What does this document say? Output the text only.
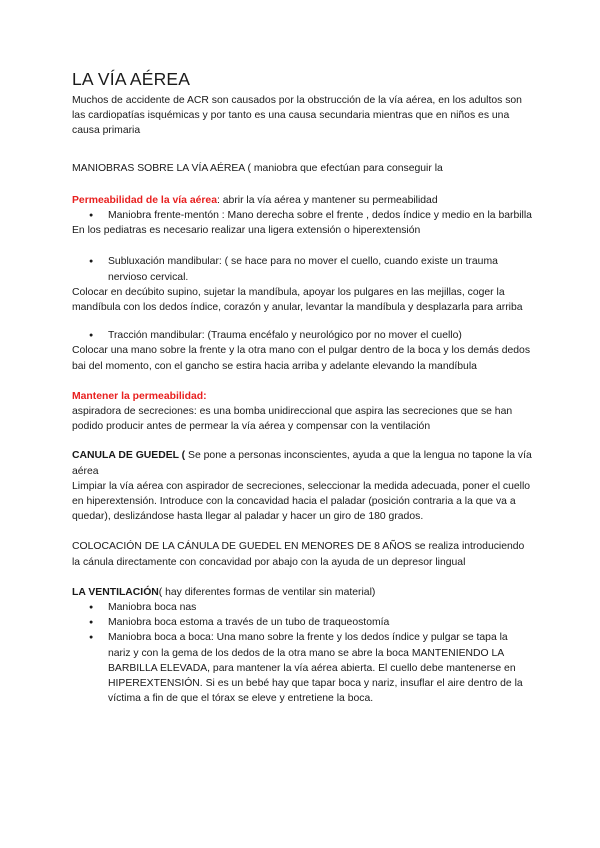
LA VÍA AÉREA

Muchos de accidente de ACR son causados por la obstrucción de la vía aérea, en los adultos son las cardiopatías isquémicas y por tanto es una causa secundaria mientras que en niños es una causa primaria

MANIOBRAS SOBRE LA VÍA AÉREA ( maniobra que efectúan para conseguir la

Permeabilidad de la vía aérea: abrir la vía aérea y mantener su permeabilidad

● Maniobra frente-mentón : Mano derecha sobre el frente , dedos índice y medio en la barbilla

En los pediatras es necesario realizar una ligera extensión o hiperextensión

● Subluxación mandibular: ( se hace para no mover el cuello, cuando existe un trauma nervioso cervical.

Colocar en decúbito supino, sujetar la mandíbula, apoyar los pulgares en las mejillas, coger la mandíbula con los dedos índice, corazón y anular, levantar la mandíbula y desplazarla para arriba

● Tracción mandibular: (Trauma encéfalo y neurológico por no mover el cuello)

Colocar una mano sobre la frente y la otra mano con el pulgar dentro de la boca y los demás dedos bai del momento, con el gancho se estira hacia arriba y adelante elevando la mandíbula

Mantener la permeabilidad:

aspiradora de secreciones: es una bomba unidireccional que aspira las secreciones que se han podido producir antes de permear la vía aérea y compensar con la ventilación

CANULA DE GUEDEL ( Se pone a personas inconscientes, ayuda a que la lengua no tapone la vía aérea

Limpiar la vía aérea con aspirador de secreciones, seleccionar la medida adecuada, poner el cuello en hiperextensión. Introduce con la concavidad hacia el paladar (posición contraria a la que va a quedar), deslizándose hasta llegar al paladar y hacer un giro de 180 grados.

COLOCACIÓN DE LA CÁNULA DE GUEDEL EN MENORES DE 8 AÑOS se realiza introduciendo la cánula directamente con concavidad por abajo con la ayuda de un depresor lingual

LA VENTILACIÓN( hay diferentes formas de ventilar sin material)

● Maniobra boca nas
● Maniobra boca estoma a través de un tubo de traqueostomía
● Maniobra boca a boca: Una mano sobre la frente y los dedos índice y pulgar se tapa la nariz y con la gema de los dedos de la otra mano se abre la boca MANTENIENDO LA BARBILLA ELEVADA, para mantener la vía aérea abierta. El cuello debe mantenerse en HIPEREXTENSIÓN. Si es un bebé hay que tapar boca y nariz, insuflar el aire dentro de la víctima a fin de que el tórax se eleve y entretiene la boca.
